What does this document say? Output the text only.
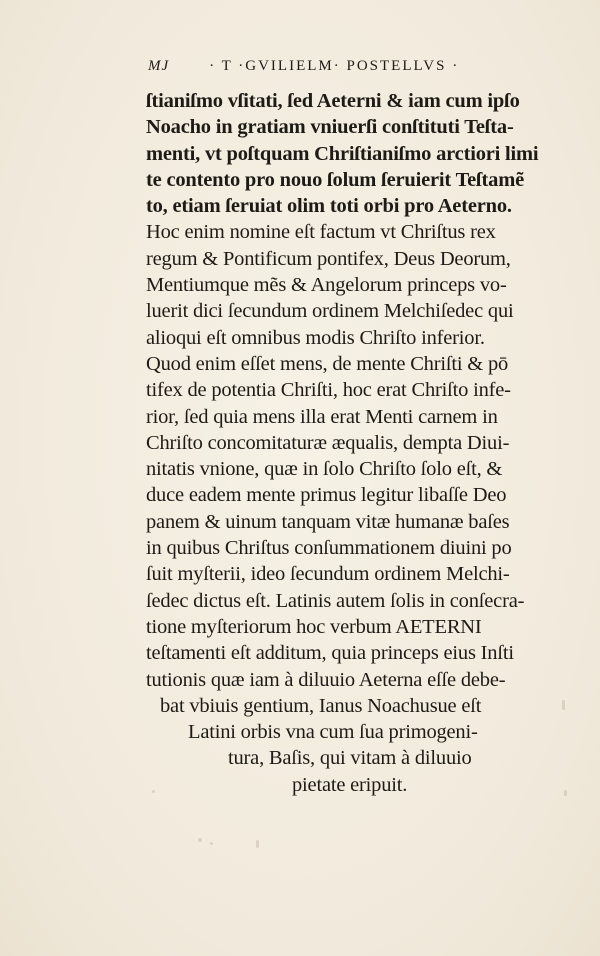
MJ	· T ·GVILIELM· POSTELLVS ·
ſtianiſmo vſitati, ſed Aeterni & iam cum ipſo
Noacho in gratiam vniuerſi conſtituti Teſta-
menti, vt poſtquam Chriſtianiſmo arctiori limi
te contento pro nouo ſolum ſeruierit Teſtamẽ
to, etiam ſeruiat olim toti orbi pro Aeterno.
Hoc enim nomine eſt factum vt Chriſtus rex
regum & Pontificum pontifex, Deus Deorum,
Mentiumque mẽs & Angelorum princeps vo-
luerit dici ſecundum ordinem Melchiſedec qui
alioqui eſt omnibus modis Chriſto inferior.
Quod enim eſſet mens, de mente Chriſti & pō
tifex de potentia Chriſti, hoc erat Chriſto infe-
rior, ſed quia mens illa erat Menti carnem in
Chriſto concomitaturæ æqualis, dempta Diui-
nitatis vnione, quæ in ſolo Chriſto ſolo eſt, &
duce eadem mente primus legitur libaſſe Deo
panem & uinum tanquam vitæ humanæ baſes
in quibus Chriſtus conſummationem diuini po
ſuit myſterii, ideo ſecundum ordinem Melchi-
ſedec dictus eſt. Latinis autem ſolis in conſecra-
tione myſteriorum hoc verbum AETERNI
teſtamenti eſt additum, quia princeps eius Inſti
tutionis quæ iam à diluuio Aeterna eſſe debe-
bat vbiuis gentium, Ianus Noachusue eſt
Latini orbis vna cum ſua primogeni-
tura, Baſis, qui vitam à diluuio
pietate eripuit.
